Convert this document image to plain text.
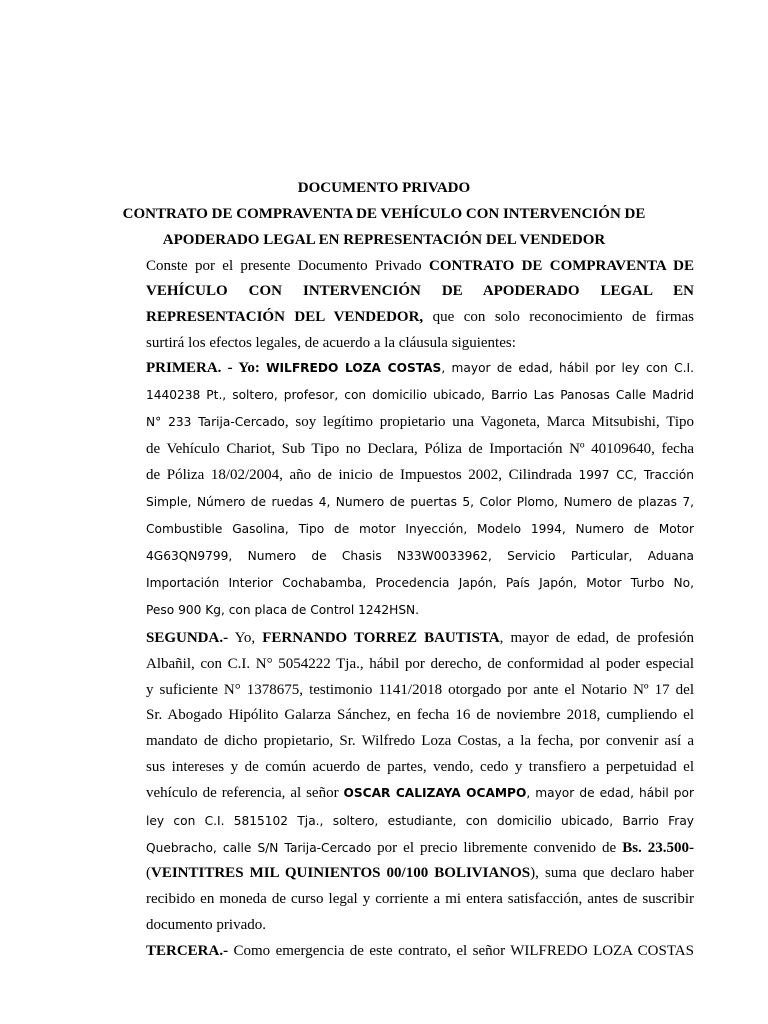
DOCUMENTO PRIVADO
CONTRATO DE COMPRAVENTA DE VEHÍCULO CON INTERVENCIÓN DE
APODERADO LEGAL EN REPRESENTACIÓN DEL VENDEDOR
Conste por el presente Documento Privado CONTRATO DE COMPRAVENTA DE
VEHÍCULO CON INTERVENCIÓN DE APODERADO LEGAL EN
REPRESENTACIÓN DEL VENDEDOR, que con solo reconocimiento de firmas
surtirá los efectos legales, de acuerdo a la cláusula siguientes:
PRIMERA. - Yo: WILFREDO LOZA COSTAS, mayor de edad, hábil por ley con C.I.
1440238 Pt., soltero, profesor, con domicilio ubicado, Barrio Las Panosas Calle Madrid
N° 233 Tarija-Cercado, soy legítimo propietario una Vagoneta, Marca Mitsubishi, Tipo
de Vehículo Chariot, Sub Tipo no Declara, Póliza de Importación Nº 40109640, fecha
de Póliza 18/02/2004, año de inicio de Impuestos 2002, Cilindrada 1997 CC, Tracción
Simple, Número de ruedas 4, Numero de puertas 5, Color Plomo, Numero de plazas 7,
Combustible Gasolina, Tipo de motor Inyección, Modelo 1994, Numero de Motor
4G63QN9799, Numero de Chasis N33W0033962, Servicio Particular, Aduana
Importación Interior Cochabamba, Procedencia Japón, País Japón, Motor Turbo No,
Peso 900 Kg, con placa de Control 1242HSN.
SEGUNDA.- Yo, FERNANDO TORREZ BAUTISTA, mayor de edad, de profesión
Albañil, con C.I. N° 5054222 Tja., hábil por derecho, de conformidad al poder especial
y suficiente N° 1378675, testimonio 1141/2018 otorgado por ante el Notario Nº 17 del
Sr. Abogado Hipólito Galarza Sánchez, en fecha 16 de noviembre 2018, cumpliendo el
mandato de dicho propietario, Sr. Wilfredo Loza Costas, a la fecha, por convenir así a
sus intereses y de común acuerdo de partes, vendo, cedo y transfiero a perpetuidad el
vehículo de referencia, al señor OSCAR CALIZAYA OCAMPO, mayor de edad, hábil por
ley con C.I. 5815102 Tja., soltero, estudiante, con domicilio ubicado, Barrio Fray
Quebracho, calle S/N Tarija-Cercado por el precio libremente convenido de Bs. 23.500-
(VEINTITRES MIL QUINIENTOS 00/100 BOLIVIANOS), suma que declaro haber
recibido en moneda de curso legal y corriente a mi entera satisfacción, antes de suscribir
documento privado.
TERCERA.- Como emergencia de este contrato, el señor WILFREDO LOZA COSTAS
